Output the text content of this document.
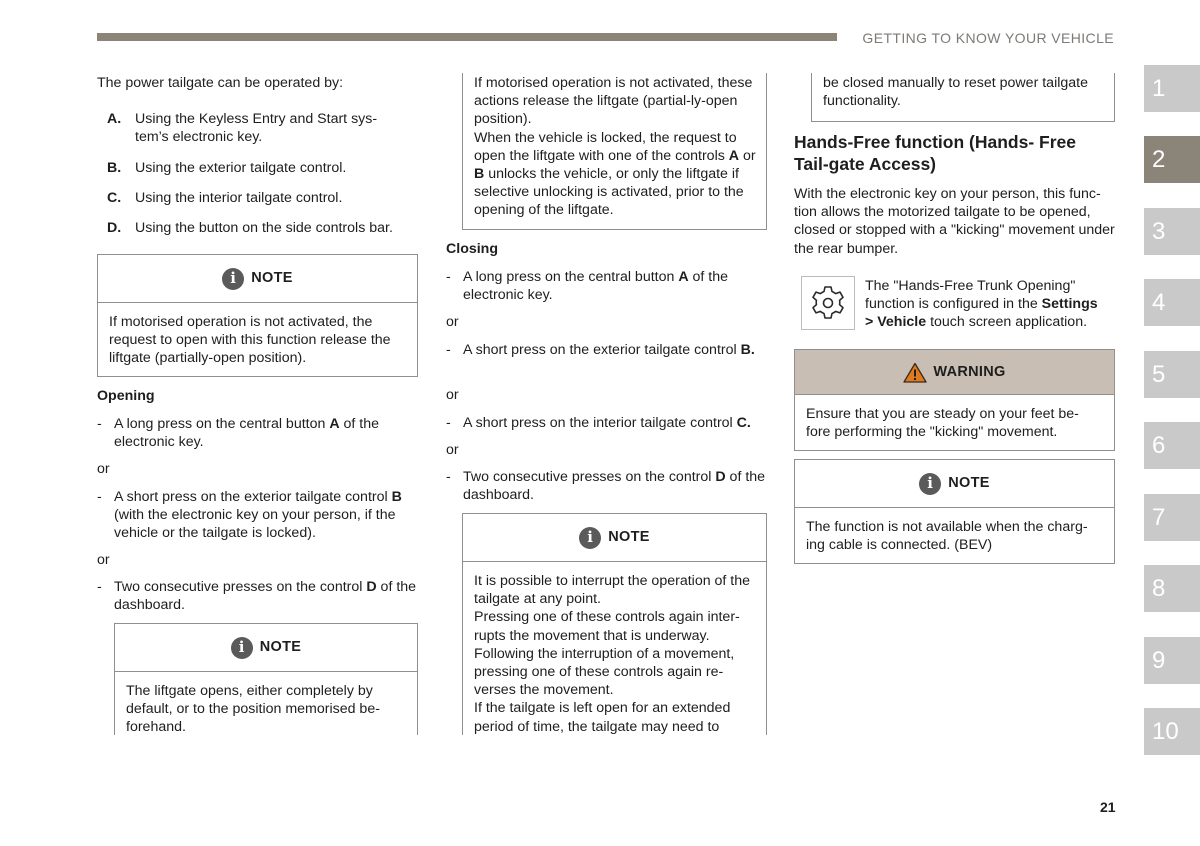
GETTING TO KNOW YOUR VEHICLE
21
1
2
3
4
5
6
7
8
9
10

The power tailgate can be operated by:

A. Using the Keyless Entry and Start sys-
tem’s electronic key.
B. Using the exterior tailgate control.
C. Using the interior tailgate control.
D. Using the button on the side controls bar.
i	NOTE
If motorised operation is not activated, the request to open with this function release the liftgate (partially-open position).
Opening
- A long press on the central button A of the electronic key.
or
- A short press on the exterior tailgate control B (with the electronic key on your person, if the vehicle or the tailgate is locked).
or
- Two consecutive presses on the control D of the dashboard.
i	NOTE
The liftgate opens, either completely by default, or to the position memorised be-forehand.

If motorised operation is not activated, these actions release the liftgate (partial-ly-open position).

When the vehicle is locked, the request to open the liftgate with one of the controls A or B unlocks the vehicle, or only the liftgate if selective unlocking is activated, prior to the opening of the liftgate.

Closing
- A long press on the central button A of the electronic key.
or
- A short press on the exterior tailgate control B.
or
- A short press on the interior tailgate control C.
or
- Two consecutive presses on the control D of the dashboard.
i	NOTE

It is possible to interrupt the operation of the tailgate at any point.

Pressing one of these controls again inter-rupts the movement that is underway.

Following the interruption of a movement, pressing one of these controls again re-verses the movement.

If the tailgate is left open for an extended period of time, the tailgate may need to

be closed manually to reset power tailgate functionality.
Hands-Free function (Hands- Free Tail-gate Access)

With the electronic key on your person, this func-tion allows the motorized tailgate to be opened, closed or stopped with a "kicking" movement under the rear bumper.

The "Hands-Free Trunk Opening" function is configured in the Settings
> Vehicle touch screen application.

WARNING
Ensure that you are steady on your feet be-fore performing the "kicking" movement.
i	NOTE
The function is not available when the charg-ing cable is connected. (BEV)
